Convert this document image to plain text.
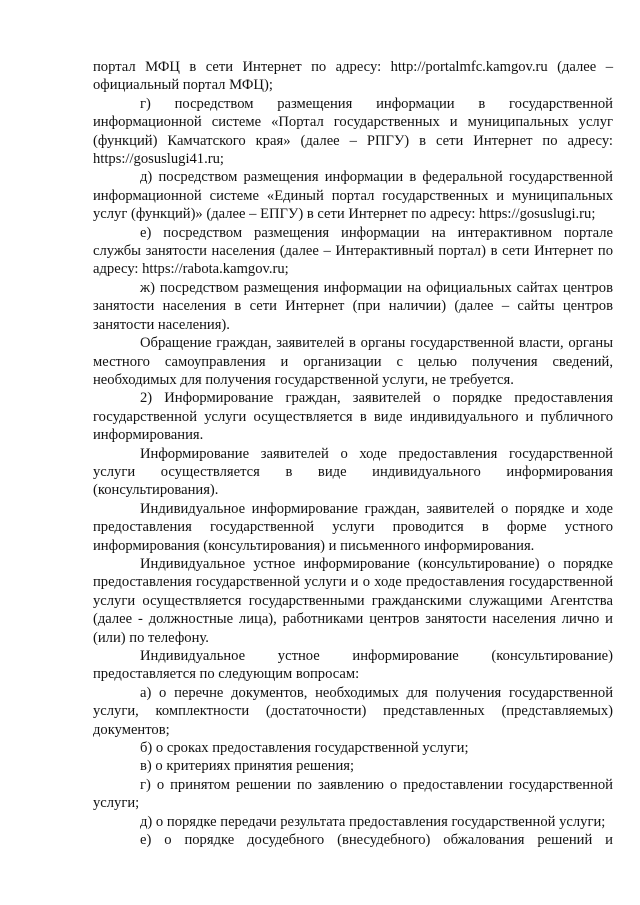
портал МФЦ в сети Интернет по адресу: http://portalmfc.kamgov.ru (далее – официальный портал МФЦ);

г) посредством размещения информации в государственной информационной системе «Портал государственных и муниципальных услуг (функций) Камчатского края» (далее – РПГУ) в сети Интернет по адресу: https://gosuslugi41.ru;

д) посредством размещения информации в федеральной государственной информационной системе «Единый портал государственных и муниципальных услуг (функций)» (далее – ЕПГУ) в сети Интернет по адресу: https://gosuslugi.ru;

е) посредством размещения информации на интерактивном портале службы занятости населения (далее – Интерактивный портал) в сети Интернет по адресу: https://rabota.kamgov.ru;

ж) посредством размещения информации на официальных сайтах центров занятости населения в сети Интернет (при наличии) (далее – сайты центров занятости населения).

Обращение граждан, заявителей в органы государственной власти, органы местного самоуправления и организации с целью получения сведений, необходимых для получения государственной услуги, не требуется.

2) Информирование граждан, заявителей о порядке предоставления государственной услуги осуществляется в виде индивидуального и публичного информирования.

Информирование заявителей о ходе предоставления государственной услуги осуществляется в виде индивидуального информирования (консультирования).

Индивидуальное информирование граждан, заявителей о порядке и ходе предоставления государственной услуги проводится в форме устного информирования (консультирования) и письменного информирования.

Индивидуальное устное информирование (консультирование) о порядке предоставления государственной услуги и о ходе предоставления государственной услуги осуществляется государственными гражданскими служащими Агентства (далее - должностные лица), работниками центров занятости населения лично и (или) по телефону.

Индивидуальное устное информирование (консультирование) предоставляется по следующим вопросам:

а) о перечне документов, необходимых для получения государственной услуги, комплектности (достаточности) представленных (представляемых) документов;

б) о сроках предоставления государственной услуги;

в) о критериях принятия решения;

г) о принятом решении по заявлению о предоставлении государственной услуги;

д) о порядке передачи результата предоставления государственной услуги;

е) о порядке досудебного (внесудебного) обжалования решений и
